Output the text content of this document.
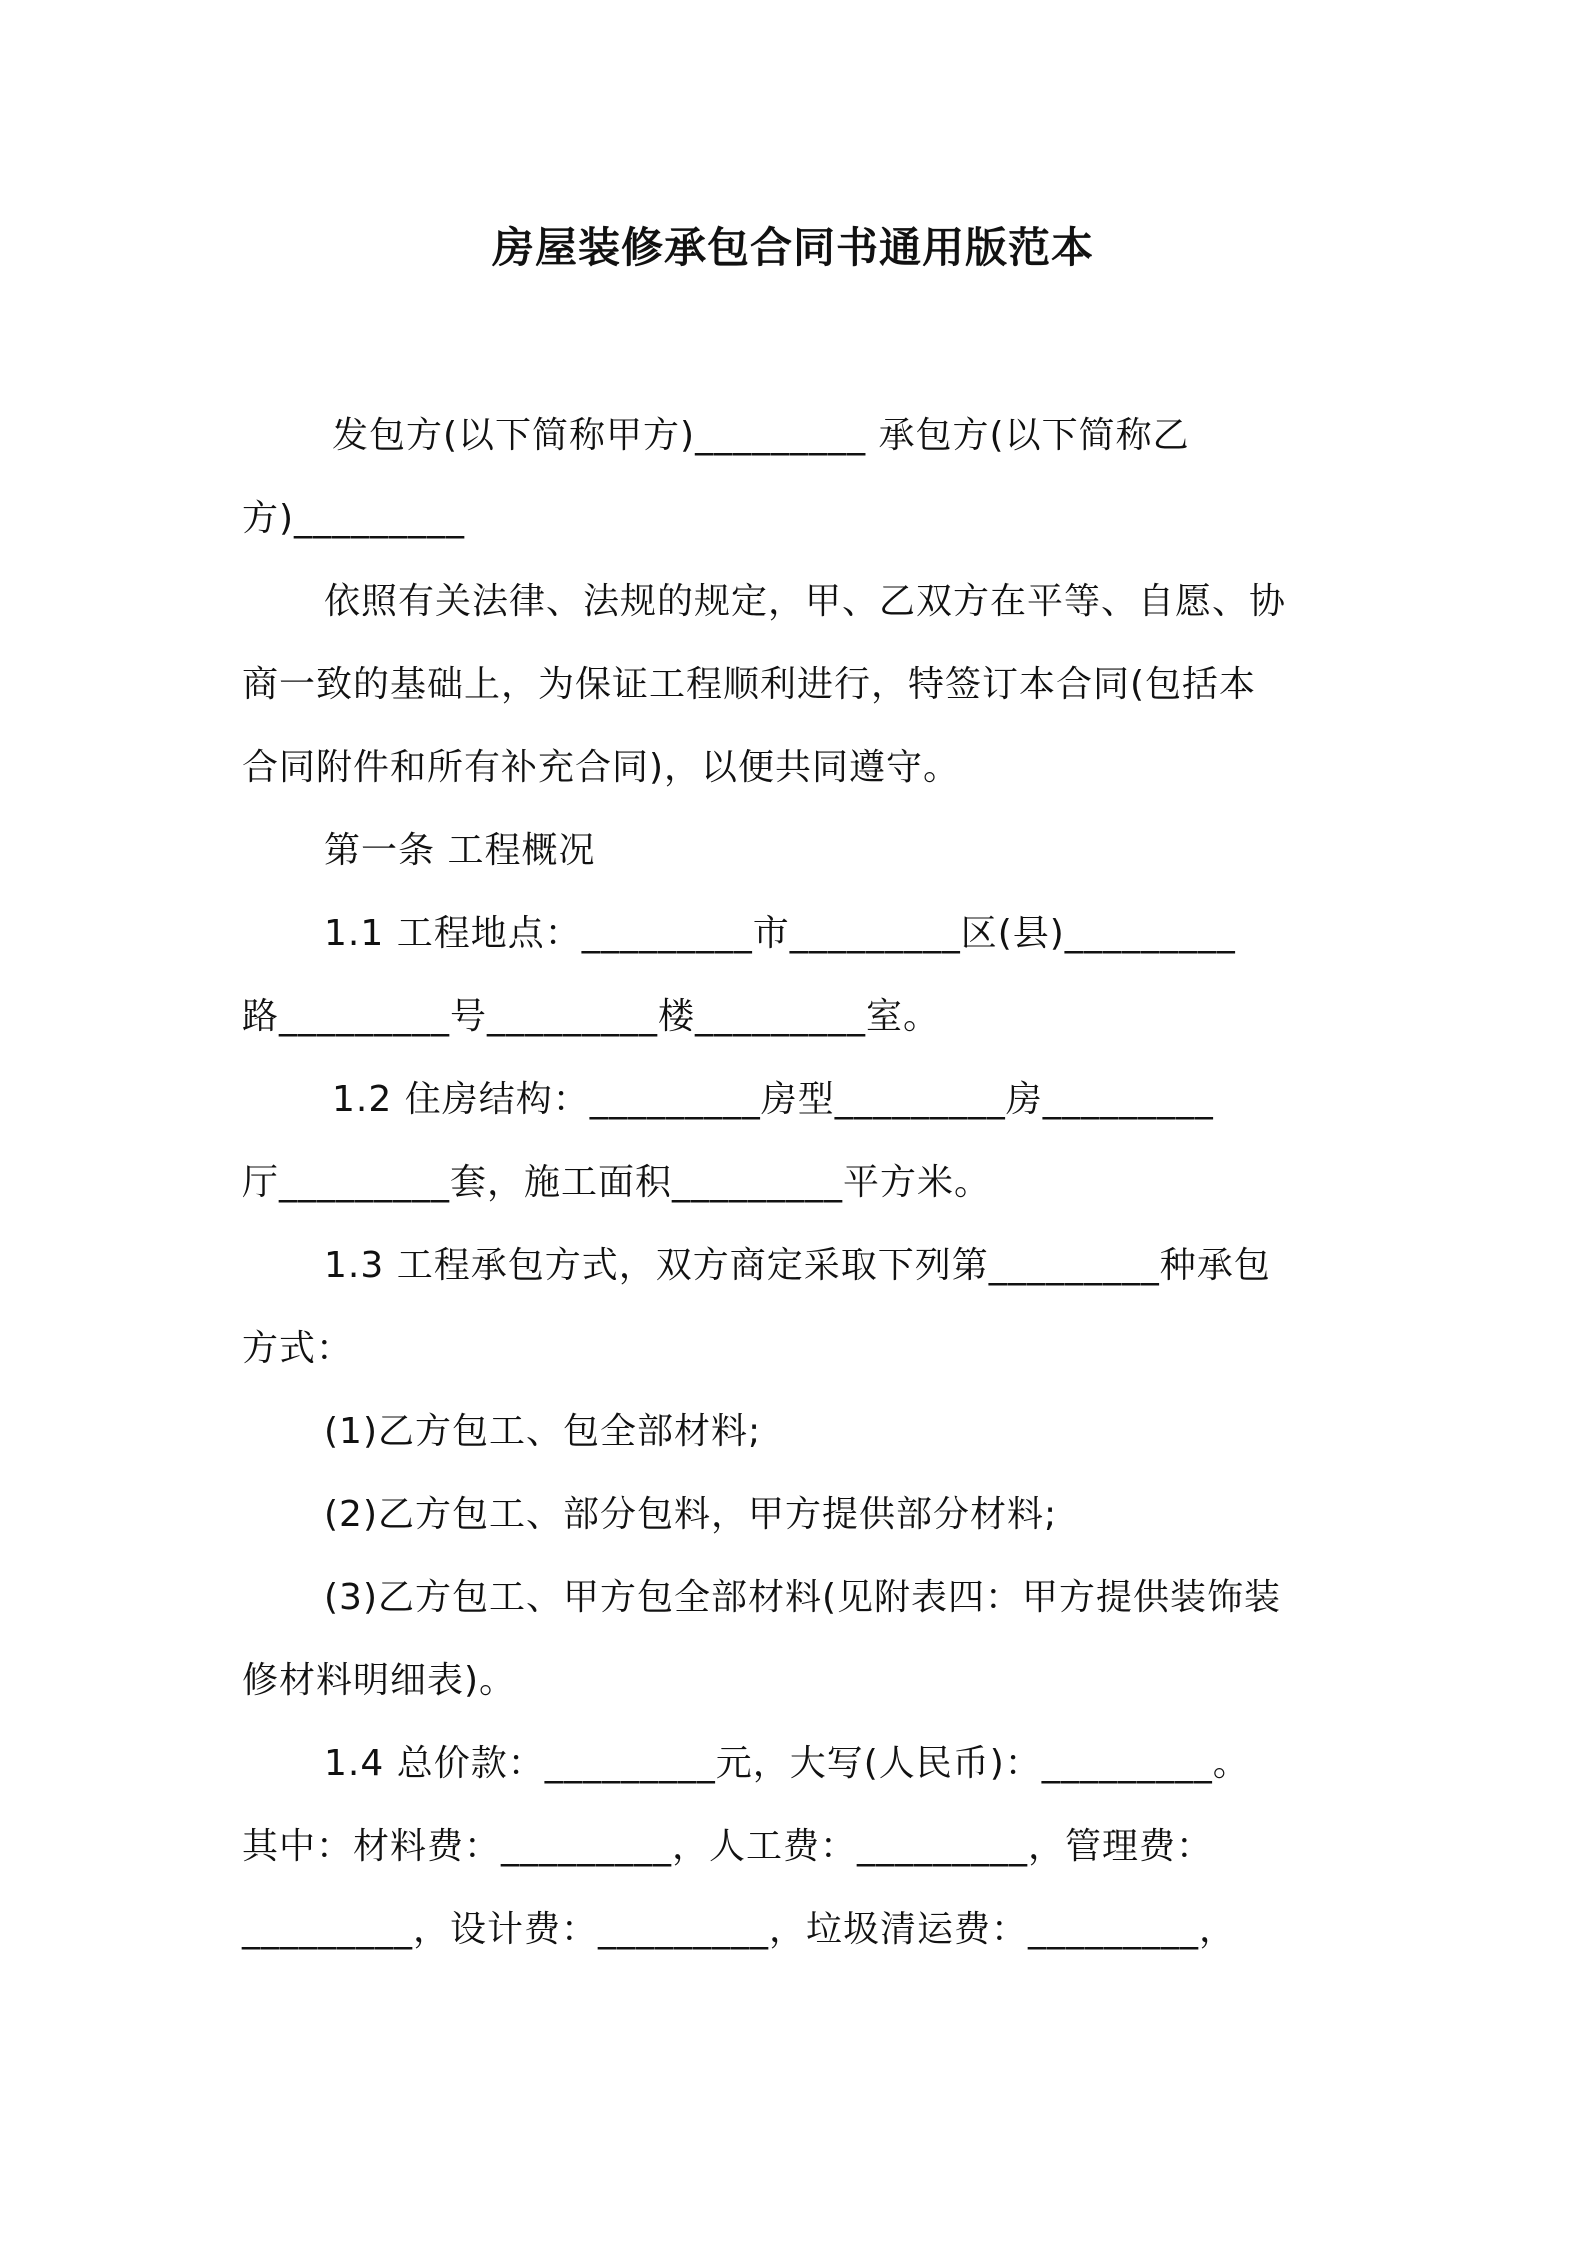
房屋装修承包合同书通用版范本
发包方(以下简称甲方)_________ 承包方(以下简称乙
方)_________
依照有关法律、法规的规定，甲、乙双方在平等、自愿、协
商一致的基础上，为保证工程顺利进行，特签订本合同(包括本
合同附件和所有补充合同)，以便共同遵守。
第一条 工程概况
1.1 工程地点：_________市_________区(县)_________
路_________号_________楼_________室。
1.2 住房结构：_________房型_________房_________
厅_________套，施工面积_________平方米。
1.3 工程承包方式，双方商定采取下列第_________种承包
方式：
(1)乙方包工、包全部材料;
(2)乙方包工、部分包料，甲方提供部分材料;
(3)乙方包工、甲方包全部材料(见附表四：甲方提供装饰装
修材料明细表)。
1.4 总价款：_________元，大写(人民币)：_________。
其中：材料费：_________，人工费：_________，管理费：
_________，设计费：_________，垃圾清运费：_________，
